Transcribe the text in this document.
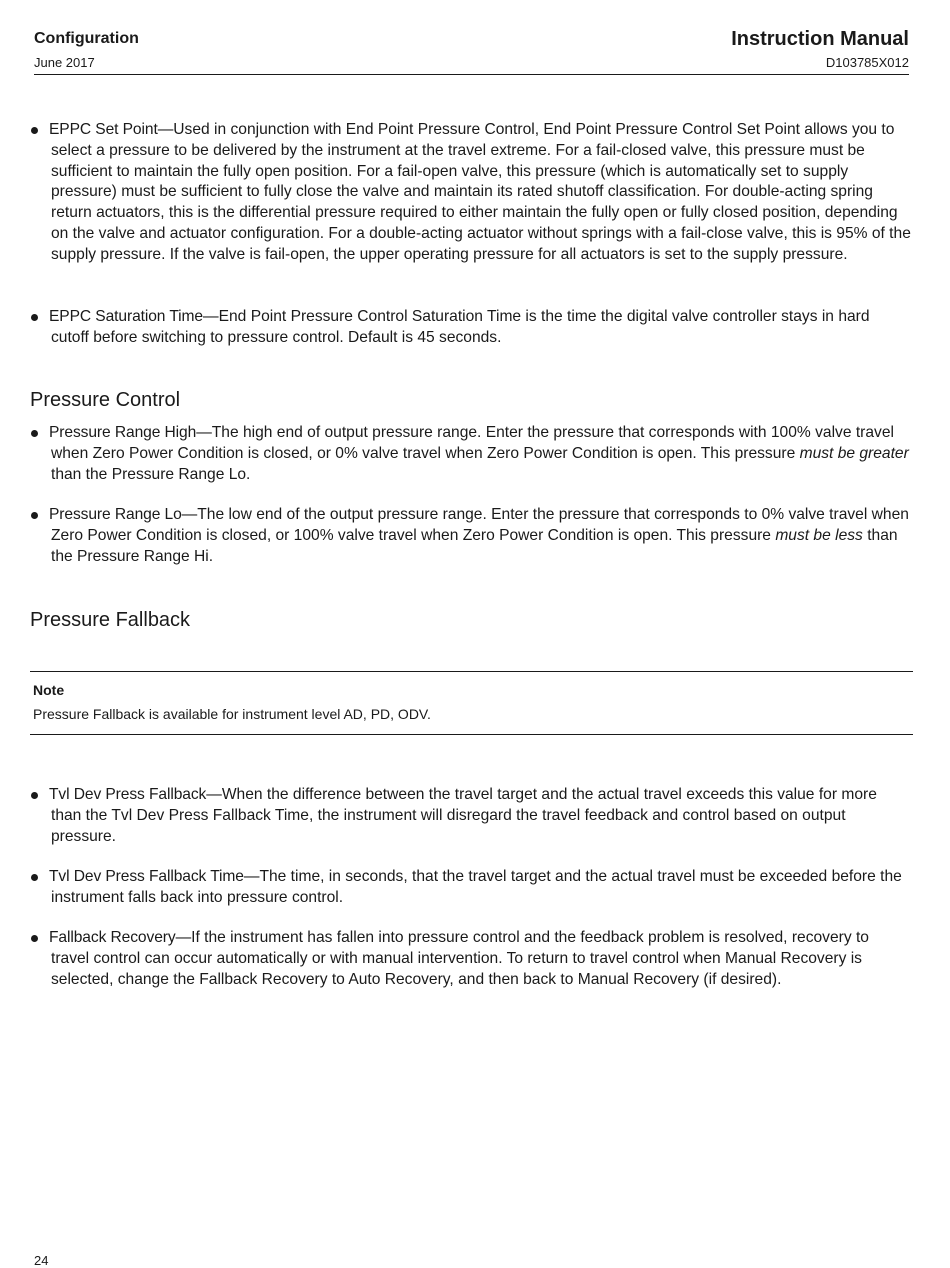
Configuration
June 2017
Instruction Manual
D103785X012
EPPC Set Point—Used in conjunction with End Point Pressure Control, End Point Pressure Control Set Point allows you to select a pressure to be delivered by the instrument at the travel extreme. For a fail-closed valve, this pressure must be sufficient to maintain the fully open position. For a fail-open valve, this pressure (which is automatically set to supply pressure) must be sufficient to fully close the valve and maintain its rated shutoff classification. For double-acting spring return actuators, this is the differential pressure required to either maintain the fully open or fully closed position, depending on the valve and actuator configuration. For a double-acting actuator without springs with a fail-close valve, this is 95% of the supply pressure. If the valve is fail-open, the upper operating pressure for all actuators is set to the supply pressure.
EPPC Saturation Time—End Point Pressure Control Saturation Time is the time the digital valve controller stays in hard cutoff before switching to pressure control. Default is 45 seconds.
Pressure Control
Pressure Range High—The high end of output pressure range. Enter the pressure that corresponds with 100% valve travel when Zero Power Condition is closed, or 0% valve travel when Zero Power Condition is open. This pressure must be greater than the Pressure Range Lo.
Pressure Range Lo—The low end of the output pressure range. Enter the pressure that corresponds to 0% valve travel when Zero Power Condition is closed, or 100% valve travel when Zero Power Condition is open. This pressure must be less than the Pressure Range Hi.
Pressure Fallback
Note
Pressure Fallback is available for instrument level AD, PD, ODV.
Tvl Dev Press Fallback—When the difference between the travel target and the actual travel exceeds this value for more than the Tvl Dev Press Fallback Time, the instrument will disregard the travel feedback and control based on output pressure.
Tvl Dev Press Fallback Time—The time, in seconds, that the travel target and the actual travel must be exceeded before the instrument falls back into pressure control.
Fallback Recovery—If the instrument has fallen into pressure control and the feedback problem is resolved, recovery to travel control can occur automatically or with manual intervention. To return to travel control when Manual Recovery is selected, change the Fallback Recovery to Auto Recovery, and then back to Manual Recovery (if desired).
24
